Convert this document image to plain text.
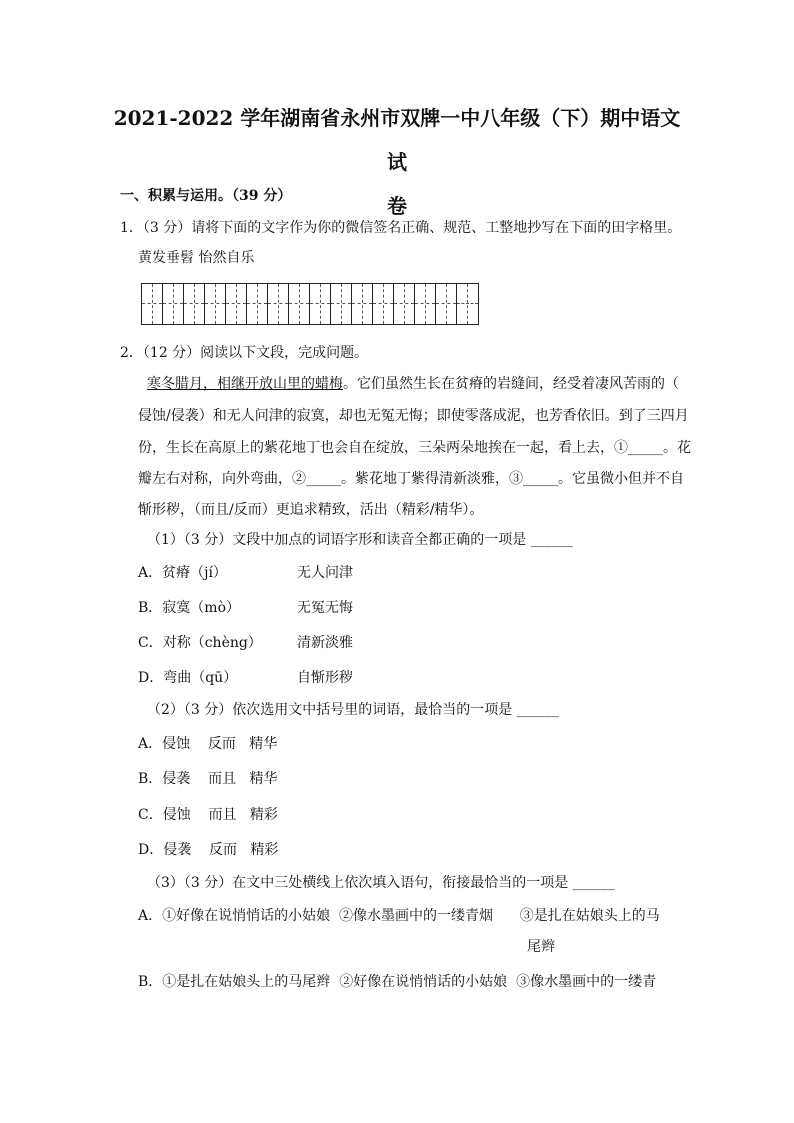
2021-2022 学年湖南省永州市双牌一中八年级（下）期中语文试
卷
一、积累与运用。（39 分）
1．（3 分）请将下面的文字作为你的微信签名正确、规范、工整地抄写在下面的田字格里。
黄发垂髫 怡然自乐
2．（12 分）阅读以下文段，完成问题。
寒冬腊月，相继开放山里的蜡梅。它们虽然生长在贫瘠的岩缝间，经受着凄风苦雨的（
侵蚀/侵袭）和无人问津的寂寞，却也无冤无悔；即使零落成泥，也芳香依旧。到了三四月
份，生长在高原上的紫花地丁也会自在绽放，三朵两朵地挨在一起，看上去，①_____。花
瓣左右对称，向外弯曲，②_____。紫花地丁紫得清新淡雅，③_____。它虽微小但并不自
惭形秽，（而且/反而）更追求精致，活出（精彩/精华）。
（1）（3 分）文段中加点的词语字形和读音全都正确的一项是 ______
A．贫瘠（jí）	无人问津
B．寂寞（mò）	无冤无悔
C．对称（chèng）	清新淡雅
D．弯曲（qū）	自惭形秽
（2）（3 分）依次选用文中括号里的词语，最恰当的一项是 ______
A．侵蚀    反而   精华
B．侵袭    而且   精华
C．侵蚀    而且   精彩
D．侵袭    反而   精彩
（3）（3 分）在文中三处横线上依次填入语句，衔接最恰当的一项是 ______
A．①好像在说悄悄话的小姑娘  ②像水墨画中的一缕青烟      ③是扎在姑娘头上的马
尾辫
B．①是扎在姑娘头上的马尾辫  ②好像在说悄悄话的小姑娘  ③像水墨画中的一缕青
